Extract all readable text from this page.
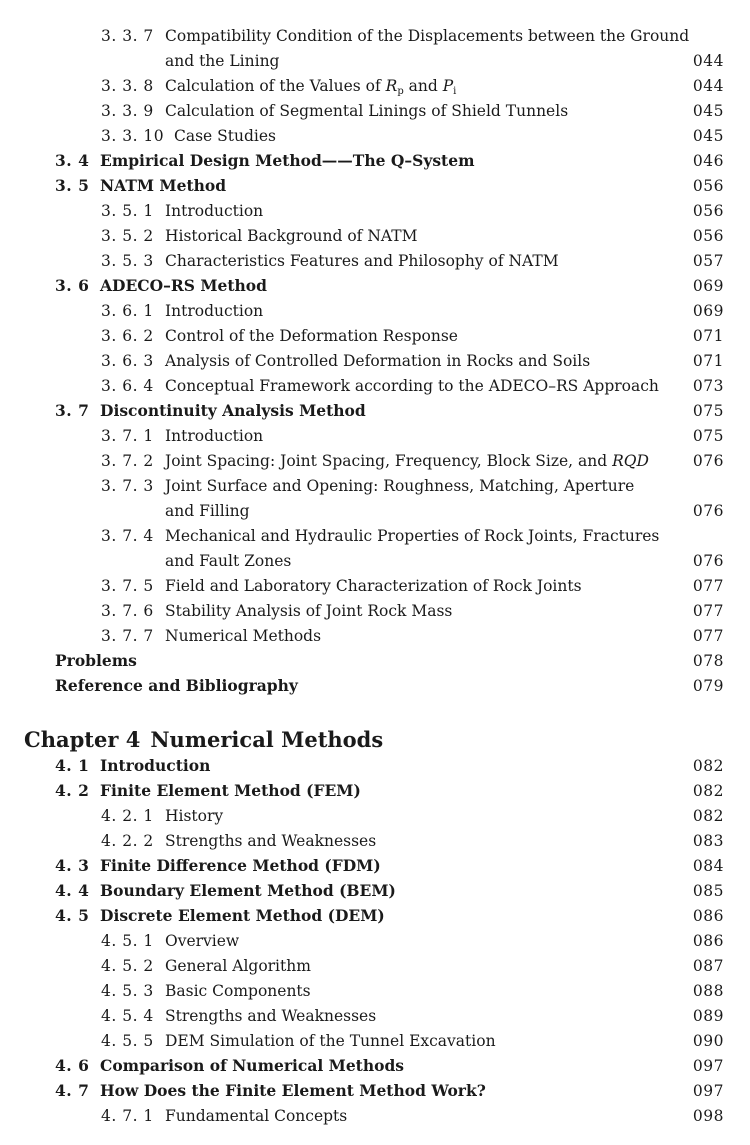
3. 3. 7 Compatibility Condition of the Displacements between the Ground
and the Lining	044
3. 3. 8 Calculation of the Values of $R_p$ and $P_i$	044
3. 3. 9 Calculation of Segmental Linings of Shield Tunnels	045
3. 3. 10 Case Studies	045
3. 4 Empirical Design Method——The Q–System	046
3. 5 NATM Method	056
3. 5. 1 Introduction	056
3. 5. 2 Historical Background of NATM	056
3. 5. 3 Characteristics Features and Philosophy of NATM	057
3. 6 ADECO–RS Method	069
3. 6. 1 Introduction	069
3. 6. 2 Control of the Deformation Response	071
3. 6. 3 Analysis of Controlled Deformation in Rocks and Soils	071
3. 6. 4 Conceptual Framework according to the ADECO–RS Approach 073
3. 7 Discontinuity Analysis Method	075
3. 7. 1 Introduction	075
3. 7. 2 Joint Spacing: Joint Spacing, Frequency, Block Size, and RQD	076
3. 7. 3 Joint Surface and Opening: Roughness, Matching, Aperture
and Filling	076
3. 7. 4 Mechanical and Hydraulic Properties of Rock Joints, Fractures
and Fault Zones	076
3. 7. 5 Field and Laboratory Characterization of Rock Joints	077
3. 7. 6 Stability Analysis of Joint Rock Mass	077
3. 7. 7 Numerical Methods	077
Problems	078
Reference and Bibliography	079
Chapter 4 Numerical Methods
4. 1 Introduction	082
4. 2 Finite Element Method (FEM)	082
4. 2. 1 History	082
4. 2. 2 Strengths and Weaknesses	083
4. 3 Finite Difference Method (FDM)	084
4. 4 Boundary Element Method (BEM)	085
4. 5 Discrete Element Method (DEM)	086
4. 5. 1 Overview	086
4. 5. 2 General Algorithm	087
4. 5. 3 Basic Components	088
4. 5. 4 Strengths and Weaknesses	089
4. 5. 5 DEM Simulation of the Tunnel Excavation	090
4. 6 Comparison of Numerical Methods	097
4. 7 How Does the Finite Element Method Work?	097
4. 7. 1 Fundamental Concepts	098
